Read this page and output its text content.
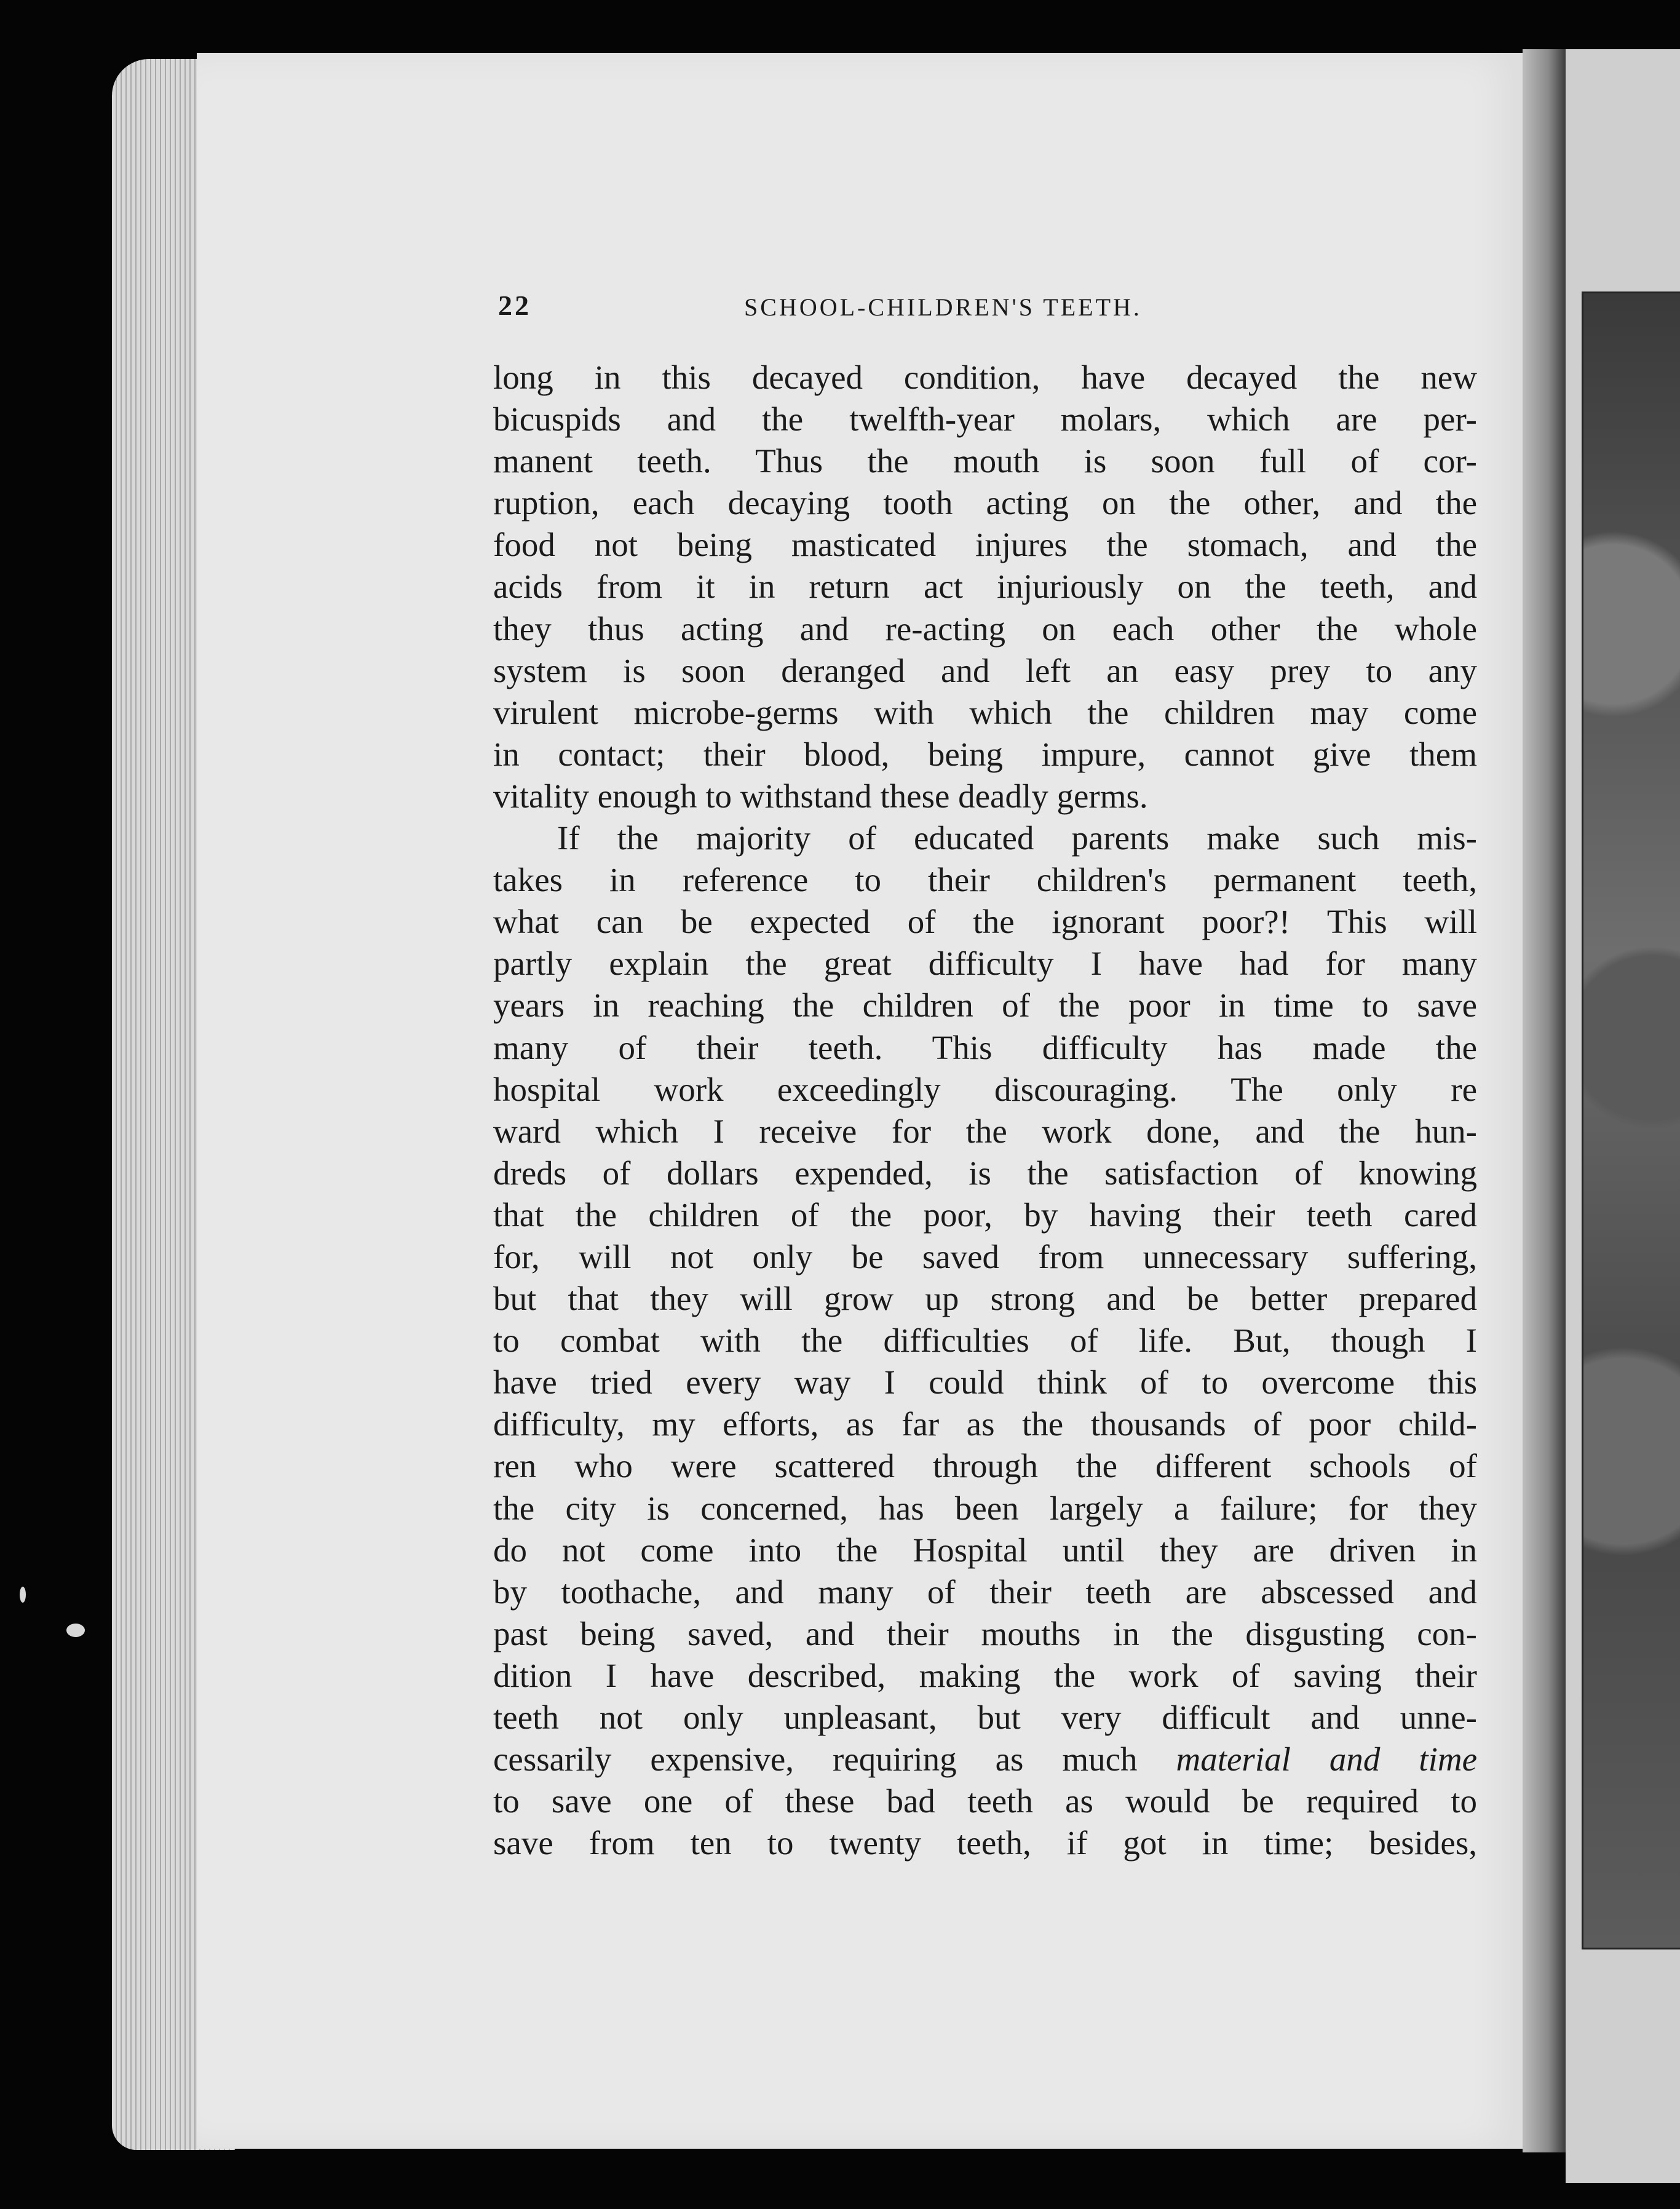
22	SCHOOL-CHILDREN'S TEETH.
long in this decayed condition, have decayed the new
bicuspids and the twelfth-year molars, which are per-
manent teeth. Thus the mouth is soon full of cor-
ruption, each decaying tooth acting on the other, and the
food not being masticated injures the stomach, and the
acids from it in return act injuriously on the teeth, and
they thus acting and re-acting on each other the whole
system is soon deranged and left an easy prey to any
virulent microbe-germs with which the children may come
in contact; their blood, being impure, cannot give them
vitality enough to withstand these deadly germs.
If the majority of educated parents make such mis-
takes in reference to their children's permanent teeth,
what can be expected of the ignorant poor?! This will
partly explain the great difficulty I have had for many
years in reaching the children of the poor in time to save
many of their teeth. This difficulty has made the
hospital work exceedingly discouraging. The only re
ward which I receive for the work done, and the hun-
dreds of dollars expended, is the satisfaction of knowing
that the children of the poor, by having their teeth cared
for, will not only be saved from unnecessary suffering,
but that they will grow up strong and be better prepared
to combat with the difficulties of life. But, though I
have tried every way I could think of to overcome this
difficulty, my efforts, as far as the thousands of poor child-
ren who were scattered through the different schools of
the city is concerned, has been largely a failure; for they
do not come into the Hospital until they are driven in
by toothache, and many of their teeth are abscessed and
past being saved, and their mouths in the disgusting con-
dition I have described, making the work of saving their
teeth not only unpleasant, but very difficult and unne-
cessarily expensive, requiring as much material and time
to save one of these bad teeth as would be required to
save from ten to twenty teeth, if got in time; besides,
